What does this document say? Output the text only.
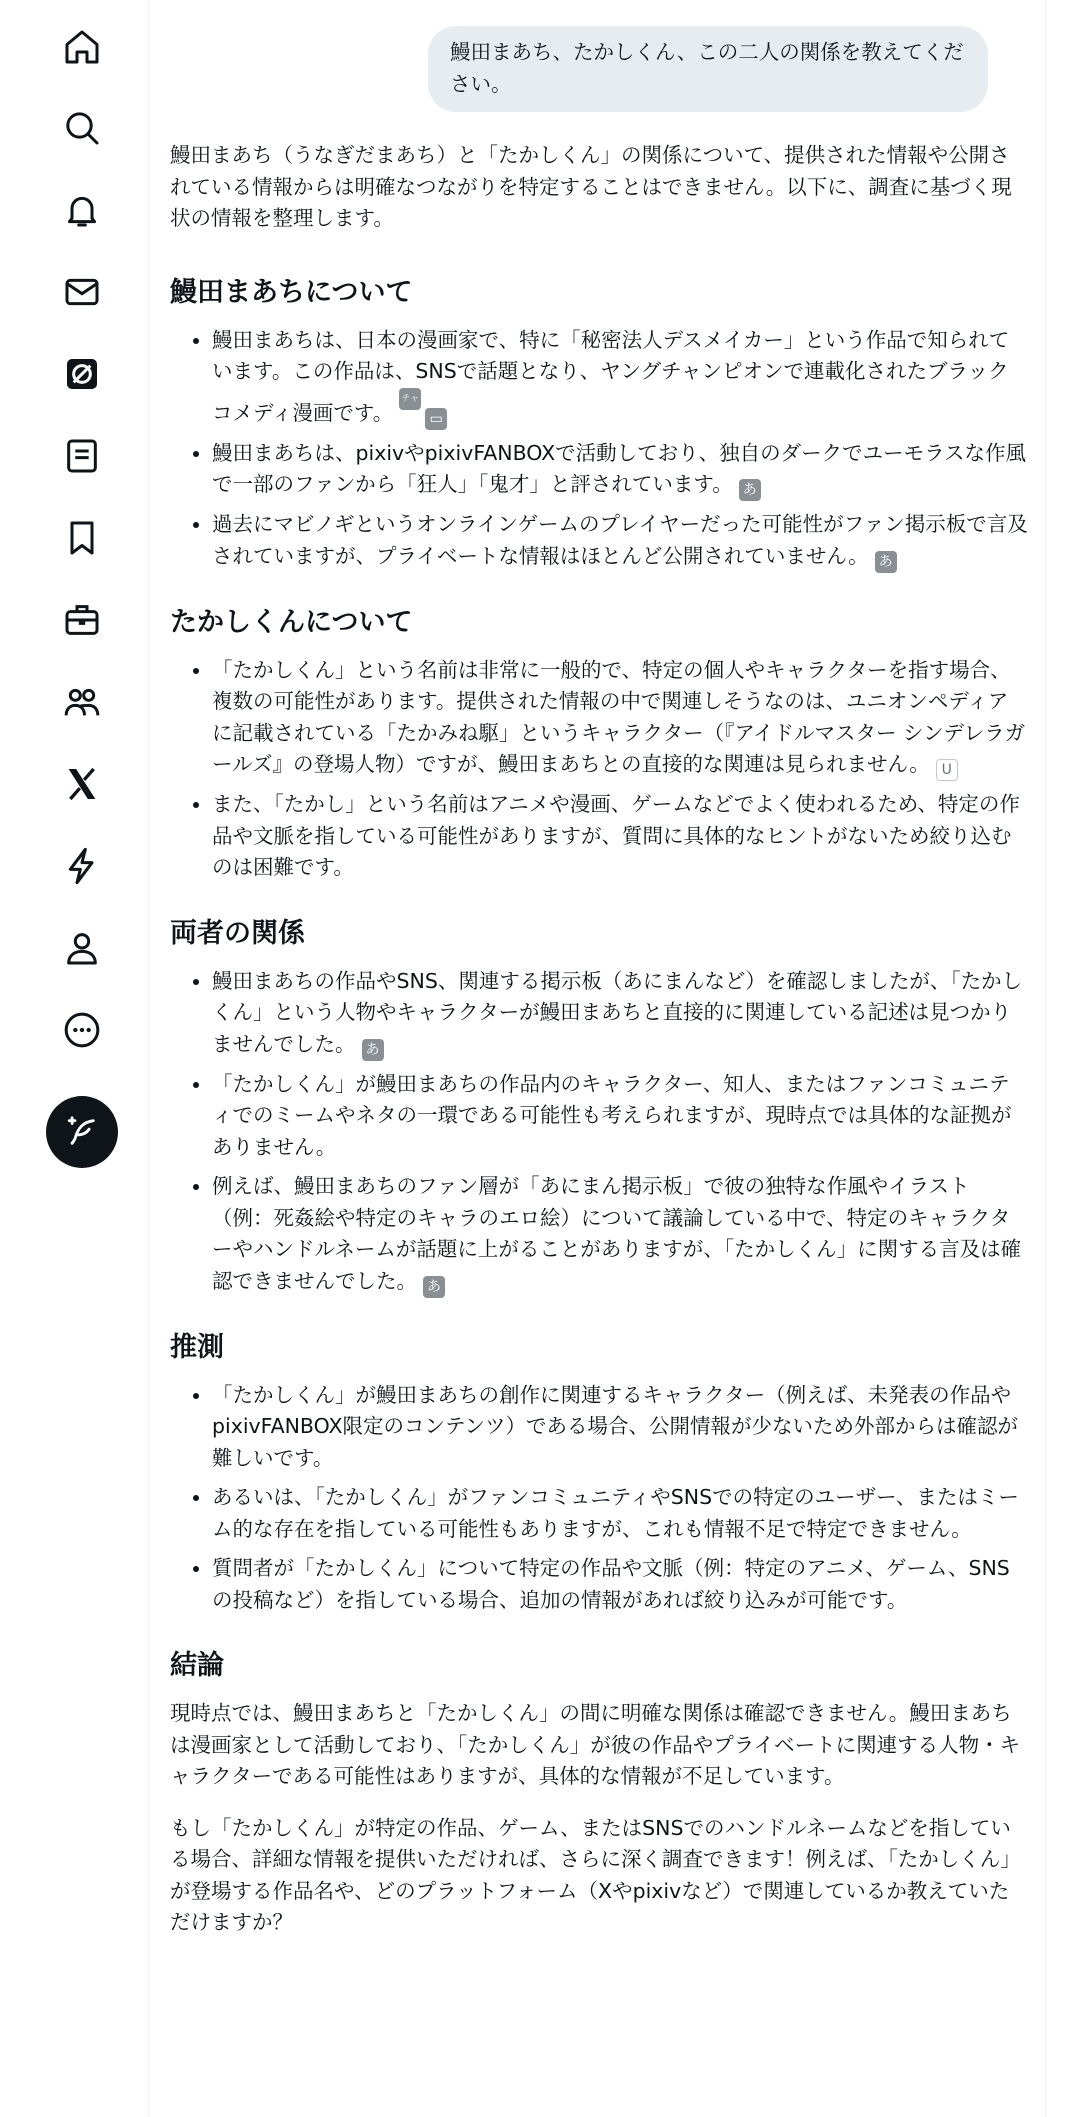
鰻田まあち、たかしくん、この二人の関係を教えてください。

鰻田まあち（うなぎだまあち）と「たかしくん」の関係について、提供された情報や公開されている情報からは明確なつながりを特定することはできません。以下に、調査に基づく現状の情報を整理します。

鰻田まあちについて
• 鰻田まあちは、日本の漫画家で、特に「秘密法人デスメイカー」という作品で知られています。この作品は、SNSで話題となり、ヤングチャンピオンで連載化されたブラックコメディ漫画です。チャンピ ▭
• 鰻田まあちは、pixivやpixivFANBOXで活動しており、独自のダークでユーモラスな作風で一部のファンから「狂人」「鬼才」と評されています。 あ
• 過去にマビノギというオンラインゲームのプレイヤーだった可能性がファン掲示板で言及されていますが、プライベートな情報はほとんど公開されていません。 あ
たかしくんについて
• 「たかしくん」という名前は非常に一般的で、特定の個人やキャラクターを指す場合、複数の可能性があります。提供された情報の中で関連しそうなのは、ユニオンペディアに記載されている「たかみね駆」というキャラクター（『アイドルマスター シンデレラガールズ』の登場人物）ですが、鰻田まあちとの直接的な関連は見られません。 U
• また、「たかし」という名前はアニメや漫画、ゲームなどでよく使われるため、特定の作品や文脈を指している可能性がありますが、質問に具体的なヒントがないため絞り込むのは困難です。
両者の関係
• 鰻田まあちの作品やSNS、関連する掲示板（あにまんなど）を確認しましたが、「たかしくん」という人物やキャラクターが鰻田まあちと直接的に関連している記述は見つかりませんでした。 あ
• 「たかしくん」が鰻田まあちの作品内のキャラクター、知人、またはファンコミュニティでのミームやネタの一環である可能性も考えられますが、現時点では具体的な証拠がありません。
• 例えば、鰻田まあちのファン層が「あにまん掲示板」で彼の独特な作風やイラスト（例：死姦絵や特定のキャラのエロ絵）について議論している中で、特定のキャラクターやハンドルネームが話題に上がることがありますが、「たかしくん」に関する言及は確認できませんでした。 あ
推測
• 「たかしくん」が鰻田まあちの創作に関連するキャラクター（例えば、未発表の作品やpixivFANBOX限定のコンテンツ）である場合、公開情報が少ないため外部からは確認が難しいです。
• あるいは、「たかしくん」がファンコミュニティやSNSでの特定のユーザー、またはミーム的な存在を指している可能性もありますが、これも情報不足で特定できません。
• 質問者が「たかしくん」について特定の作品や文脈（例：特定のアニメ、ゲーム、SNSの投稿など）を指している場合、追加の情報があれば絞り込みが可能です。
結論

現時点では、鰻田まあちと「たかしくん」の間に明確な関係は確認できません。鰻田まあちは漫画家として活動しており、「たかしくん」が彼の作品やプライベートに関連する人物・キャラクターである可能性はありますが、具体的な情報が不足しています。

もし「たかしくん」が特定の作品、ゲーム、またはSNSでのハンドルネームなどを指している場合、詳細な情報を提供いただければ、さらに深く調査できます！例えば、「たかしくん」が登場する作品名や、どのプラットフォーム（Xやpixivなど）で関連しているか教えていただけますか？
